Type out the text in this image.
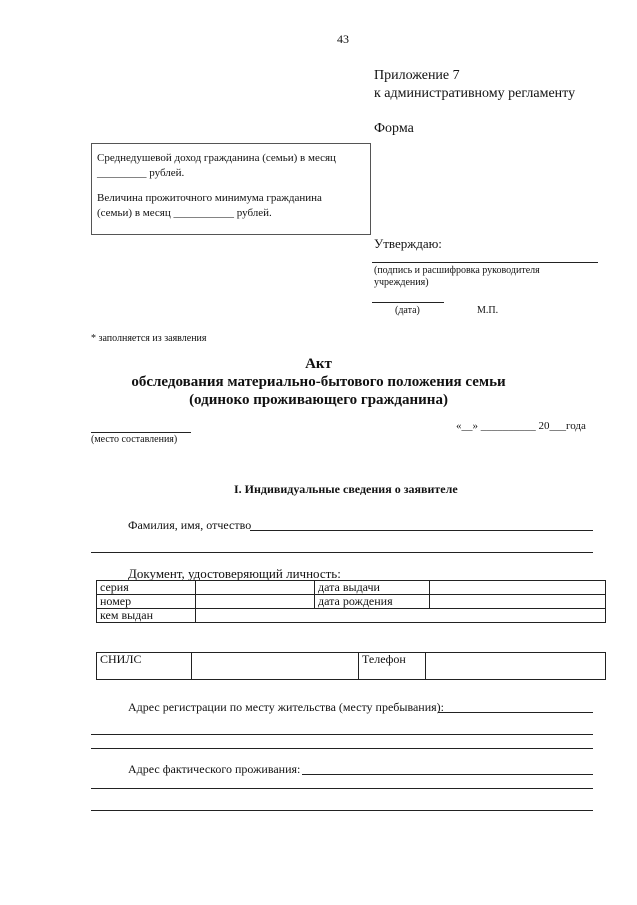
43
Приложение 7
к административному регламенту
Форма
Среднедушевой доход гражданина (семьи) в месяц
_________ рублей.
Величина прожиточного минимума гражданина
(семьи) в месяц ___________ рублей.
Утверждаю:
(подпись и расшифровка руководителя
учреждения)
(дата)	М.П.
* заполняется из заявления
Акт
обследования материально-бытового положения семьи
(одиноко проживающего гражданина)
(место составления)
«__» __________ 20___года
I. Индивидуальные сведения о заявителе
Фамилия, имя, отчество
Документ, удостоверяющий личность:
серия		дата выдачи	
номер		дата рождения	
кем выдан			
СНИЛС		Телефон	
Адрес регистрации по месту жительства (месту пребывания):
Адрес фактического проживания:
